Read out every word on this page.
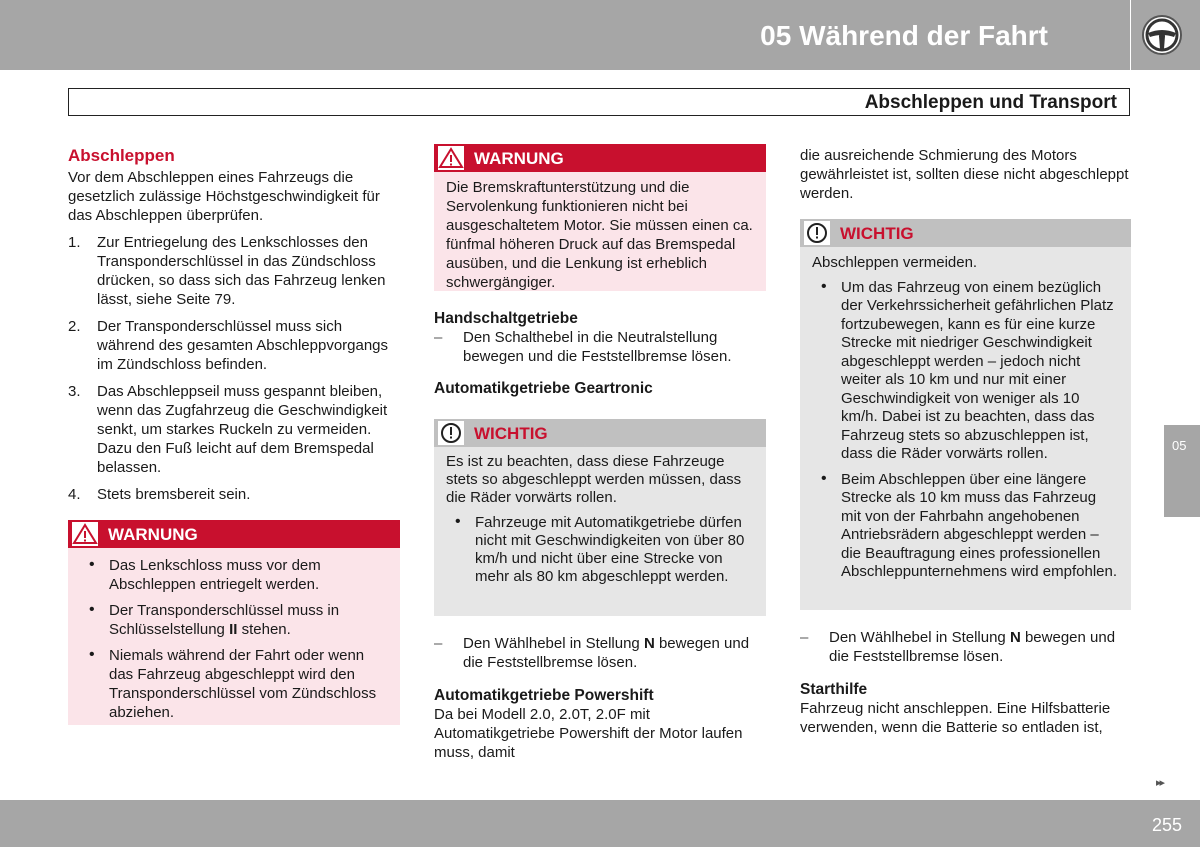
05 Während der Fahrt
Abschleppen und Transport

Abschleppen

Vor dem Abschleppen eines Fahrzeugs die gesetzlich zulässige Höchstgeschwindigkeit für das Abschleppen überprüfen.

1. Zur Entriegelung des Lenkschlosses den Transponderschlüssel in das Zündschloss drücken, so dass sich das Fahrzeug lenken lässt, siehe Seite 79.
2. Der Transponderschlüssel muss sich während des gesamten Abschleppvorgangs im Zündschloss befinden.
3. Das Abschleppseil muss gespannt bleiben, wenn das Zugfahrzeug die Geschwindigkeit senkt, um starkes Ruckeln zu vermeiden. Dazu den Fuß leicht auf dem Bremspedal belassen.
4. Stets bremsbereit sein.
WARNUNG
• Das Lenkschloss muss vor dem Abschleppen entriegelt werden.
• Der Transponderschlüssel muss in Schlüsselstellung II stehen.
• Niemals während der Fahrt oder wenn das Fahrzeug abgeschleppt wird den Transponderschlüssel vom Zündschloss abziehen.
WARNUNG

Die Bremskraftunterstützung und die Servolenkung funktionieren nicht bei ausgeschaltetem Motor. Sie müssen einen ca. fünfmal höheren Druck auf das Bremspedal ausüben, und die Lenkung ist erheblich schwergängiger.

Handschaltgetriebe

– Den Schalthebel in die Neutralstellung bewegen und die Feststellbremse lösen.

Automatikgetriebe Geartronic

WICHTIG

Es ist zu beachten, dass diese Fahrzeuge stets so abgeschleppt werden müssen, dass die Räder vorwärts rollen.

• Fahrzeuge mit Automatikgetriebe dürfen nicht mit Geschwindigkeiten von über 80 km/h und nicht über eine Strecke von mehr als 80 km abgeschleppt werden.
– Den Wählhebel in Stellung N bewegen und die Feststellbremse lösen.

Automatikgetriebe Powershift

Da bei Modell 2.0, 2.0T, 2.0F mit Automatikgetriebe Powershift der Motor laufen muss, damit

die ausreichende Schmierung des Motors gewährleistet ist, sollten diese nicht abgeschleppt werden.

WICHTIG

Abschleppen vermeiden.

• Um das Fahrzeug von einem bezüglich der Verkehrssicherheit gefährlichen Platz fortzubewegen, kann es für eine kurze Strecke mit niedriger Geschwindigkeit abgeschleppt werden – jedoch nicht weiter als 10 km und nur mit einer Geschwindigkeit von weniger als 10 km/h. Dabei ist zu beachten, dass das Fahrzeug stets so abzuschleppen ist, dass die Räder vorwärts rollen.
• Beim Abschleppen über eine längere Strecke als 10 km muss das Fahrzeug mit von der Fahrbahn angehobenen Antriebsrädern abgeschleppt werden – die Beauftragung eines professionellen Abschleppunternehmens wird empfohlen.
– Den Wählhebel in Stellung N bewegen und die Feststellbremse lösen.

Starthilfe

Fahrzeug nicht anschleppen. Eine Hilfsbatterie verwenden, wenn die Batterie so entladen ist,

05
▸▸
255
